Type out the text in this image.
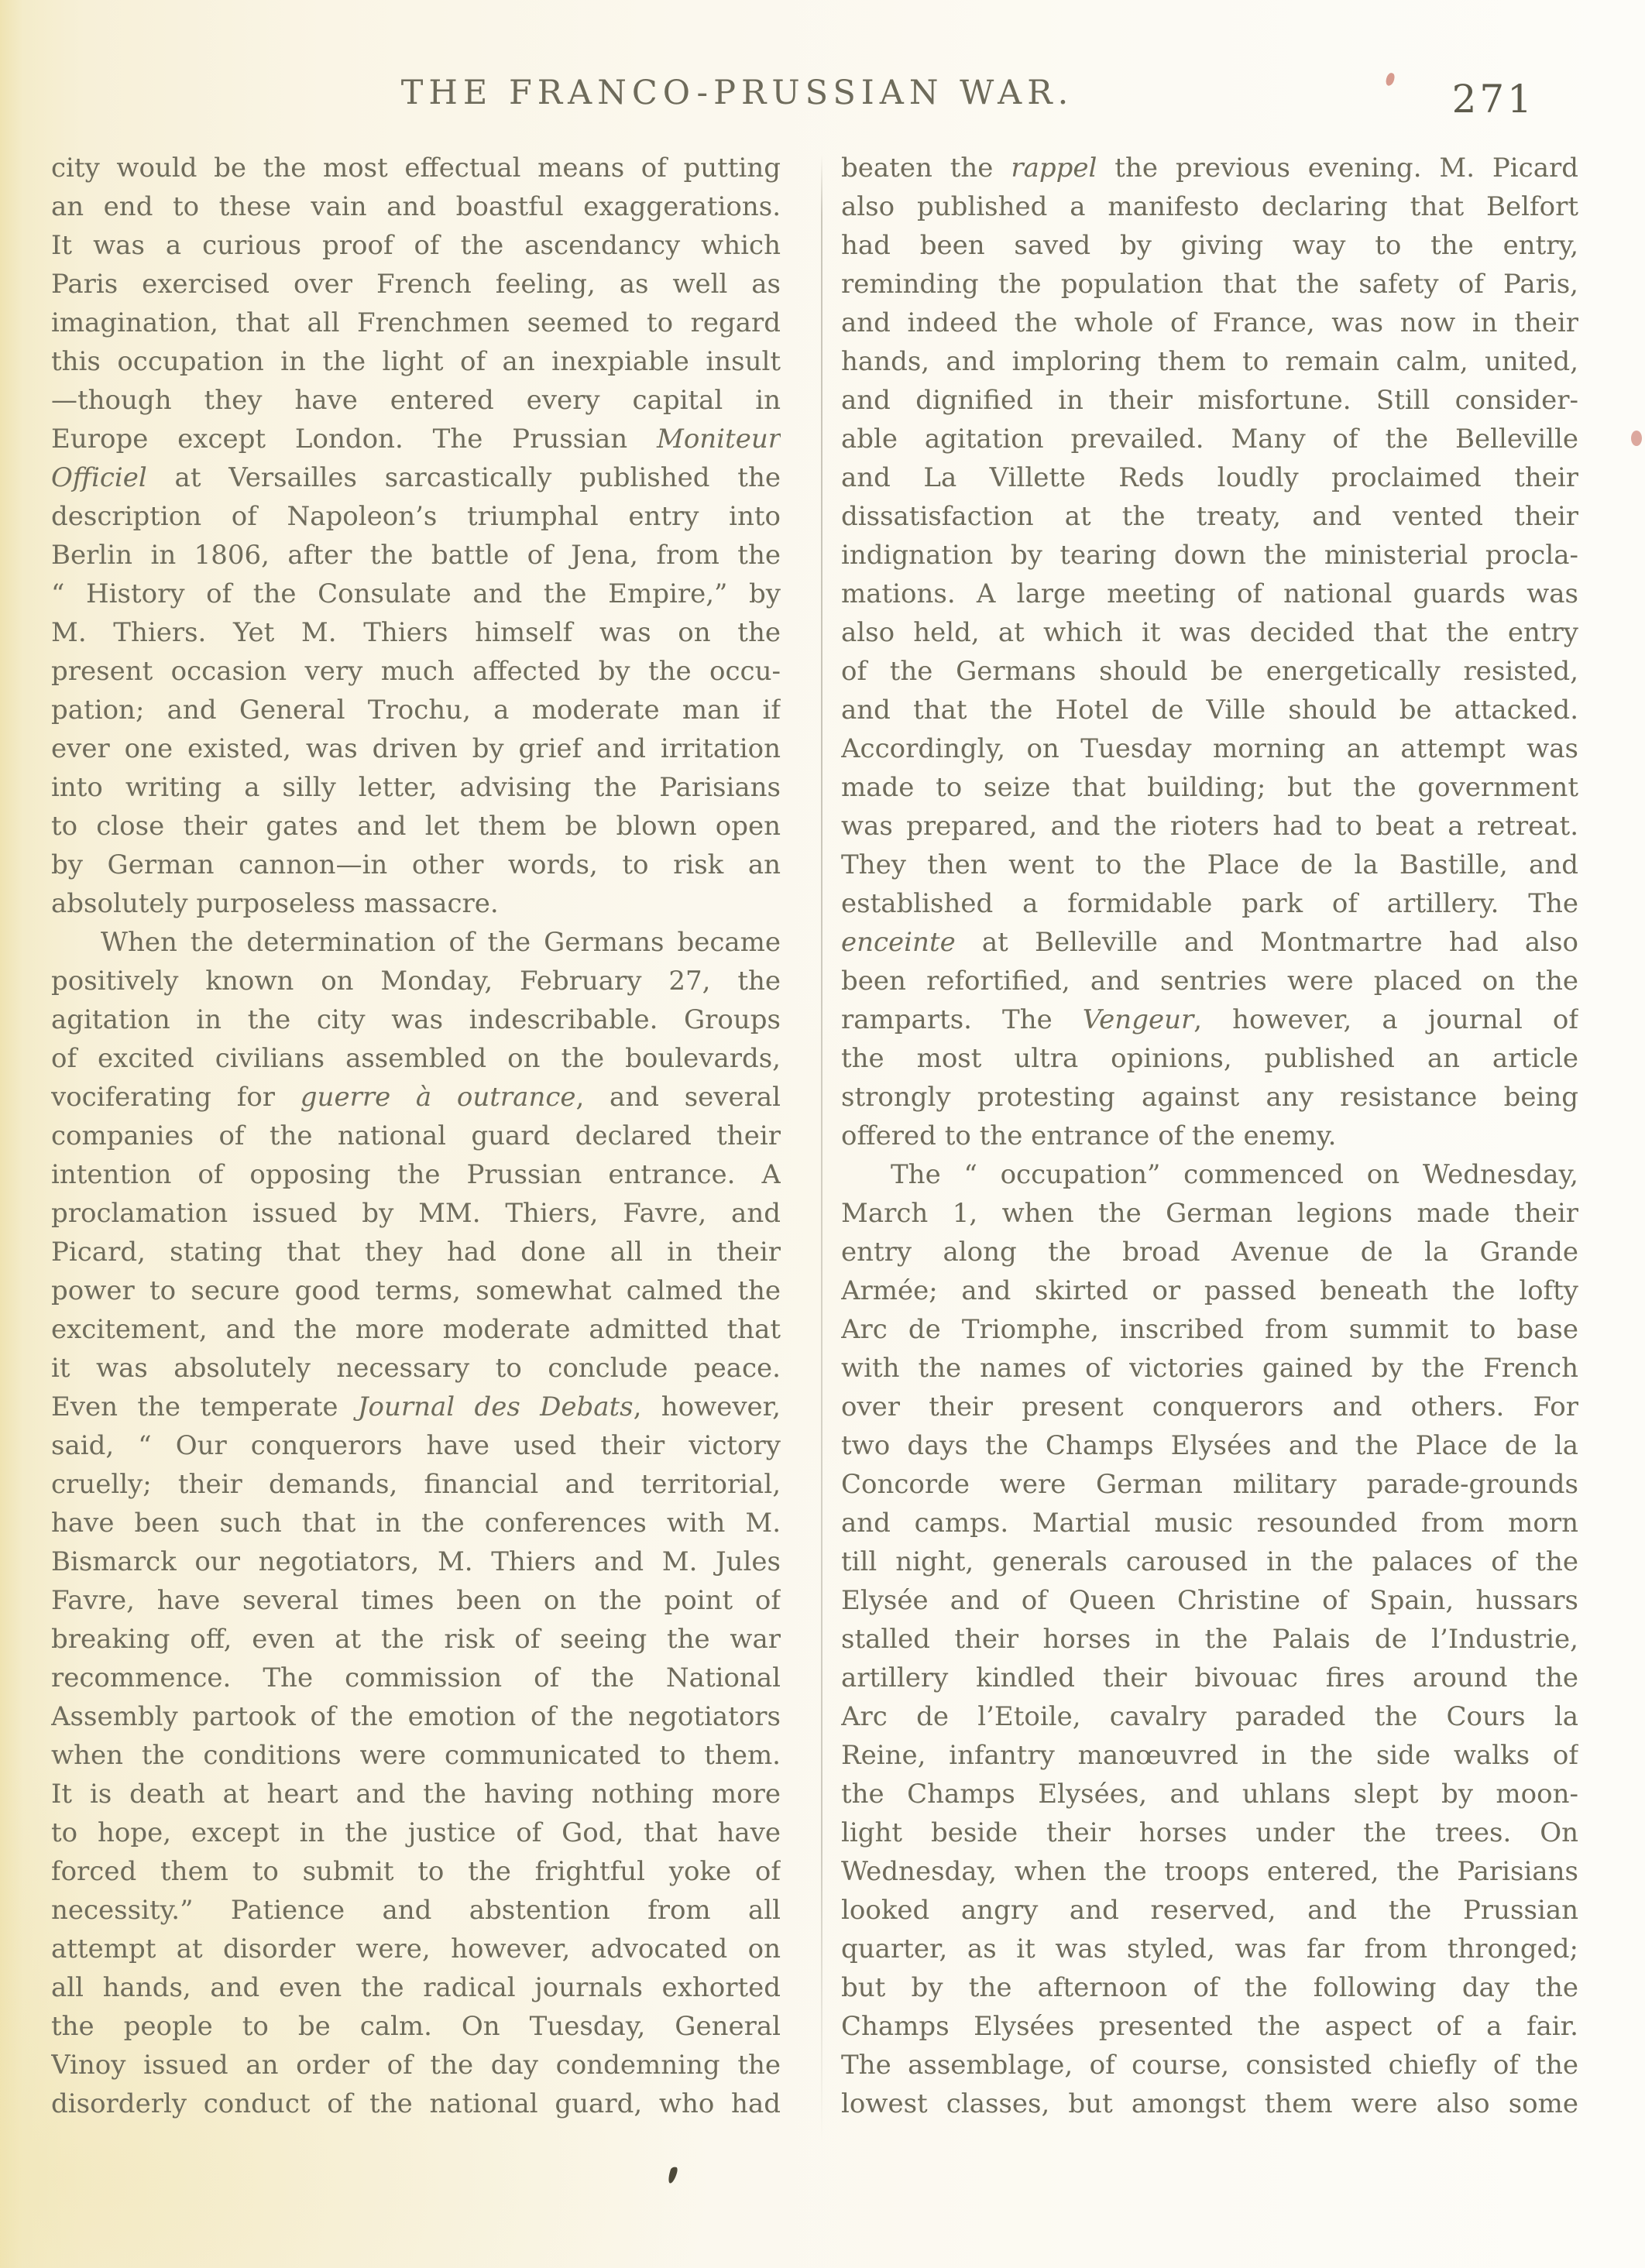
THE FRANCO-PRUSSIAN WAR.	271
city would be the most effectual means of putting
an end to these vain and boastful exaggerations.
It was a curious proof of the ascendancy which
Paris exercised over French feeling, as well as
imagination, that all Frenchmen seemed to regard
this occupation in the light of an inexpiable insult
—though they have entered every capital in
Europe except London. The Prussian Moniteur
Officiel at Versailles sarcastically published the
description of Napoleon’s triumphal entry into
Berlin in 1806, after the battle of Jena, from the
“ History of the Consulate and the Empire,” by
M. Thiers. Yet M. Thiers himself was on the
present occasion very much affected by the occu-
pation; and General Trochu, a moderate man if
ever one existed, was driven by grief and irritation
into writing a silly letter, advising the Parisians
to close their gates and let them be blown open
by German cannon—in other words, to risk an
absolutely purposeless massacre.
When the determination of the Germans became
positively known on Monday, February 27, the
agitation in the city was indescribable. Groups
of excited civilians assembled on the boulevards,
vociferating for guerre à outrance, and several
companies of the national guard declared their
intention of opposing the Prussian entrance. A
proclamation issued by MM. Thiers, Favre, and
Picard, stating that they had done all in their
power to secure good terms, somewhat calmed the
excitement, and the more moderate admitted that
it was absolutely necessary to conclude peace.
Even the temperate Journal des Debats, however,
said, “ Our conquerors have used their victory
cruelly; their demands, financial and territorial,
have been such that in the conferences with M.
Bismarck our negotiators, M. Thiers and M. Jules
Favre, have several times been on the point of
breaking off, even at the risk of seeing the war
recommence. The commission of the National
Assembly partook of the emotion of the negotiators
when the conditions were communicated to them.
It is death at heart and the having nothing more
to hope, except in the justice of God, that have
forced them to submit to the frightful yoke of
necessity.” Patience and abstention from all
attempt at disorder were, however, advocated on
all hands, and even the radical journals exhorted
the people to be calm. On Tuesday, General
Vinoy issued an order of the day condemning the
disorderly conduct of the national guard, who had
beaten the rappel the previous evening. M. Picard
also published a manifesto declaring that Belfort
had been saved by giving way to the entry,
reminding the population that the safety of Paris,
and indeed the whole of France, was now in their
hands, and imploring them to remain calm, united,
and dignified in their misfortune. Still consider-
able agitation prevailed. Many of the Belleville
and La Villette Reds loudly proclaimed their
dissatisfaction at the treaty, and vented their
indignation by tearing down the ministerial procla-
mations. A large meeting of national guards was
also held, at which it was decided that the entry
of the Germans should be energetically resisted,
and that the Hotel de Ville should be attacked.
Accordingly, on Tuesday morning an attempt was
made to seize that building; but the government
was prepared, and the rioters had to beat a retreat.
They then went to the Place de la Bastille, and
established a formidable park of artillery. The
enceinte at Belleville and Montmartre had also
been refortified, and sentries were placed on the
ramparts. The Vengeur, however, a journal of
the most ultra opinions, published an article
strongly protesting against any resistance being
offered to the entrance of the enemy.
The “ occupation” commenced on Wednesday,
March 1, when the German legions made their
entry along the broad Avenue de la Grande
Armée; and skirted or passed beneath the lofty
Arc de Triomphe, inscribed from summit to base
with the names of victories gained by the French
over their present conquerors and others. For
two days the Champs Elysées and the Place de la
Concorde were German military parade-grounds
and camps. Martial music resounded from morn
till night, generals caroused in the palaces of the
Elysée and of Queen Christine of Spain, hussars
stalled their horses in the Palais de l’Industrie,
artillery kindled their bivouac fires around the
Arc de l’Etoile, cavalry paraded the Cours la
Reine, infantry manœuvred in the side walks of
the Champs Elysées, and uhlans slept by moon-
light beside their horses under the trees. On
Wednesday, when the troops entered, the Parisians
looked angry and reserved, and the Prussian
quarter, as it was styled, was far from thronged;
but by the afternoon of the following day the
Champs Elysées presented the aspect of a fair.
The assemblage, of course, consisted chiefly of the
lowest classes, but amongst them were also some
